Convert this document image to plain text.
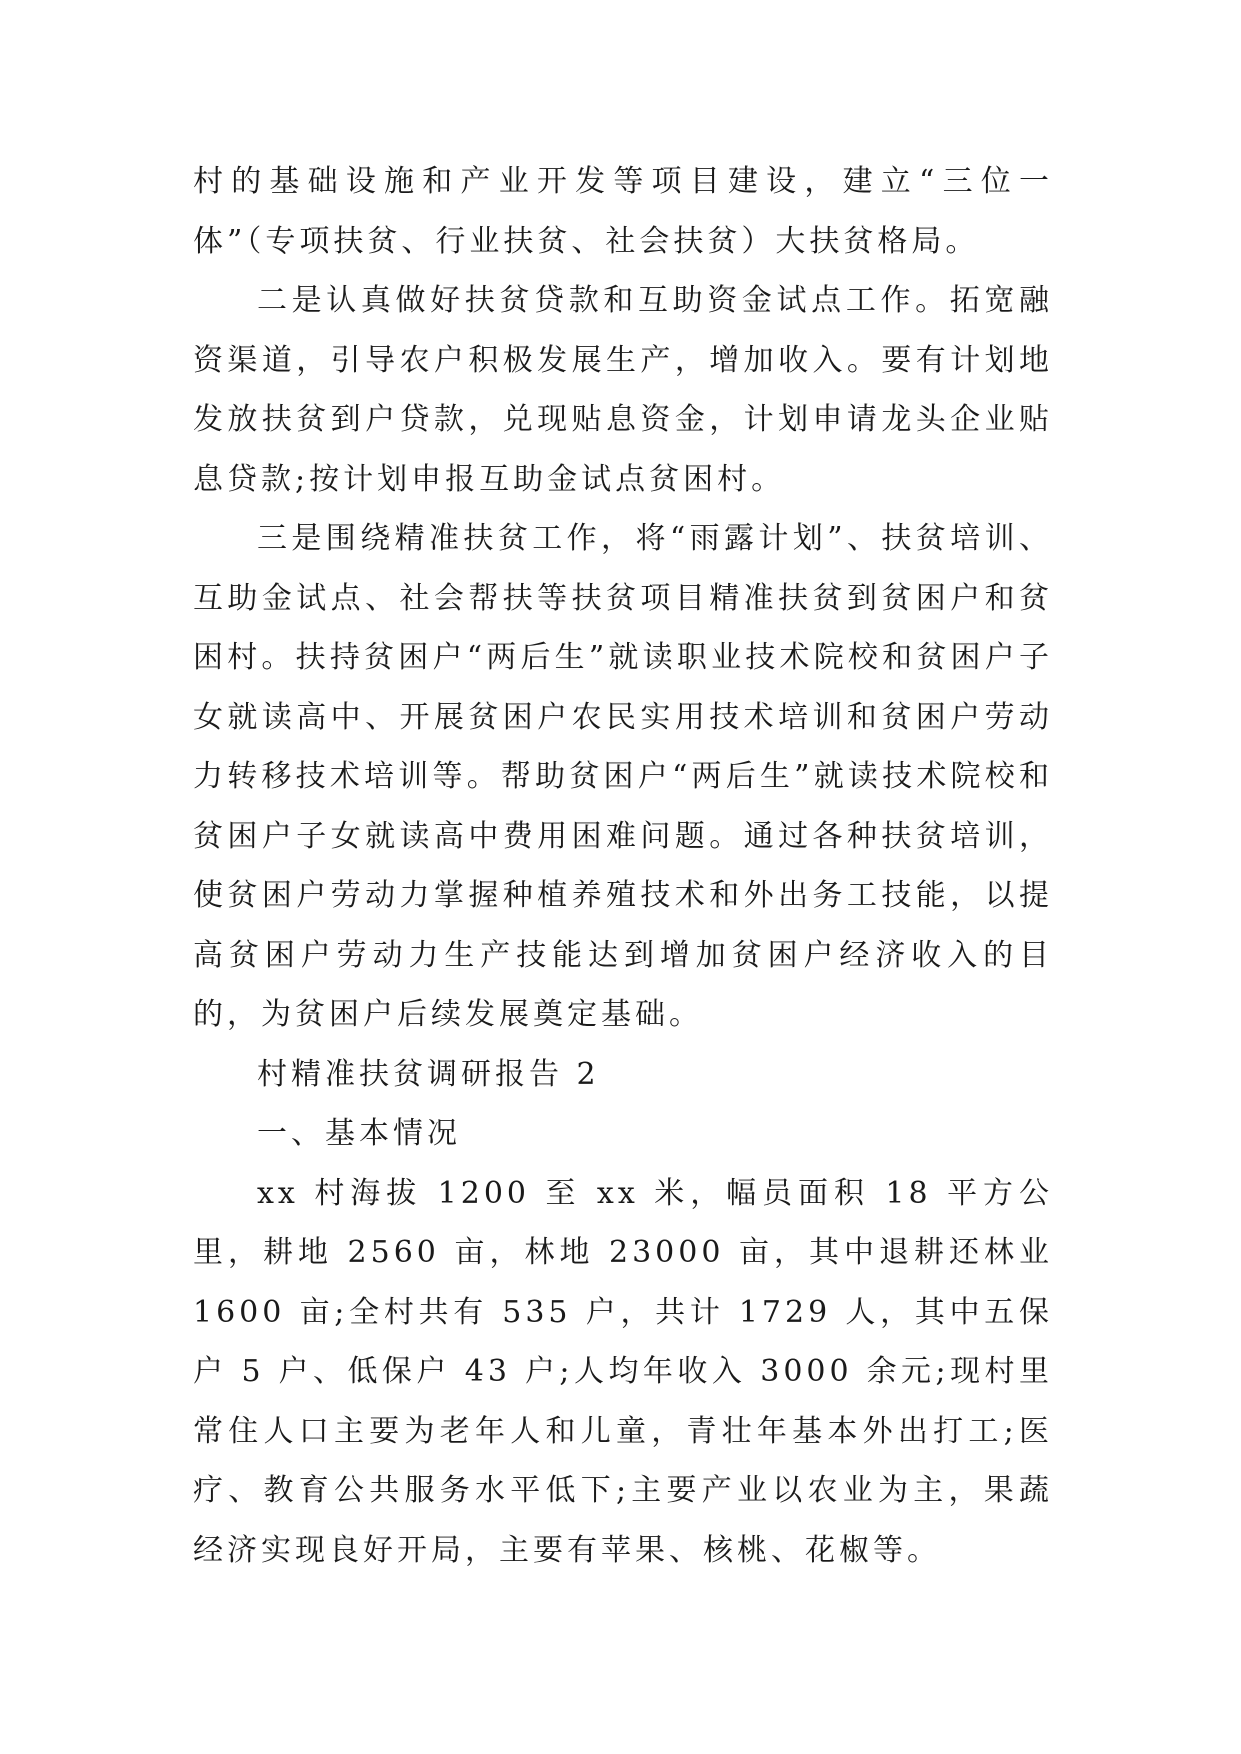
村的基础设施和产业开发等项目建设，建立“三位一体”（专项扶贫、行业扶贫、社会扶贫）大扶贫格局。

二是认真做好扶贫贷款和互助资金试点工作。拓宽融资渠道，引导农户积极发展生产，增加收入。要有计划地发放扶贫到户贷款，兑现贴息资金，计划申请龙头企业贴息贷款;按计划申报互助金试点贫困村。

三是围绕精准扶贫工作，将“雨露计划”、扶贫培训、互助金试点、社会帮扶等扶贫项目精准扶贫到贫困户和贫困村。扶持贫困户“两后生”就读职业技术院校和贫困户子女就读高中、开展贫困户农民实用技术培训和贫困户劳动力转移技术培训等。帮助贫困户“两后生”就读技术院校和贫困户子女就读高中费用困难问题。通过各种扶贫培训，使贫困户劳动力掌握种植养殖技术和外出务工技能，以提高贫困户劳动力生产技能达到增加贫困户经济收入的目的，为贫困户后续发展奠定基础。

村精准扶贫调研报告 2

一、基本情况

xx 村海拔 1200 至 xx 米，幅员面积 18 平方公里，耕地 2560 亩，林地 23000 亩，其中退耕还林业 1600 亩;全村共有 535 户，共计 1729 人，其中五保户 5 户、低保户 43 户;人均年收入 3000 余元;现村里常住人口主要为老年人和儿童，青壮年基本外出打工;医疗、教育公共服务水平低下;主要产业以农业为主，果蔬经济实现良好开局，主要有苹果、核桃、花椒等。
